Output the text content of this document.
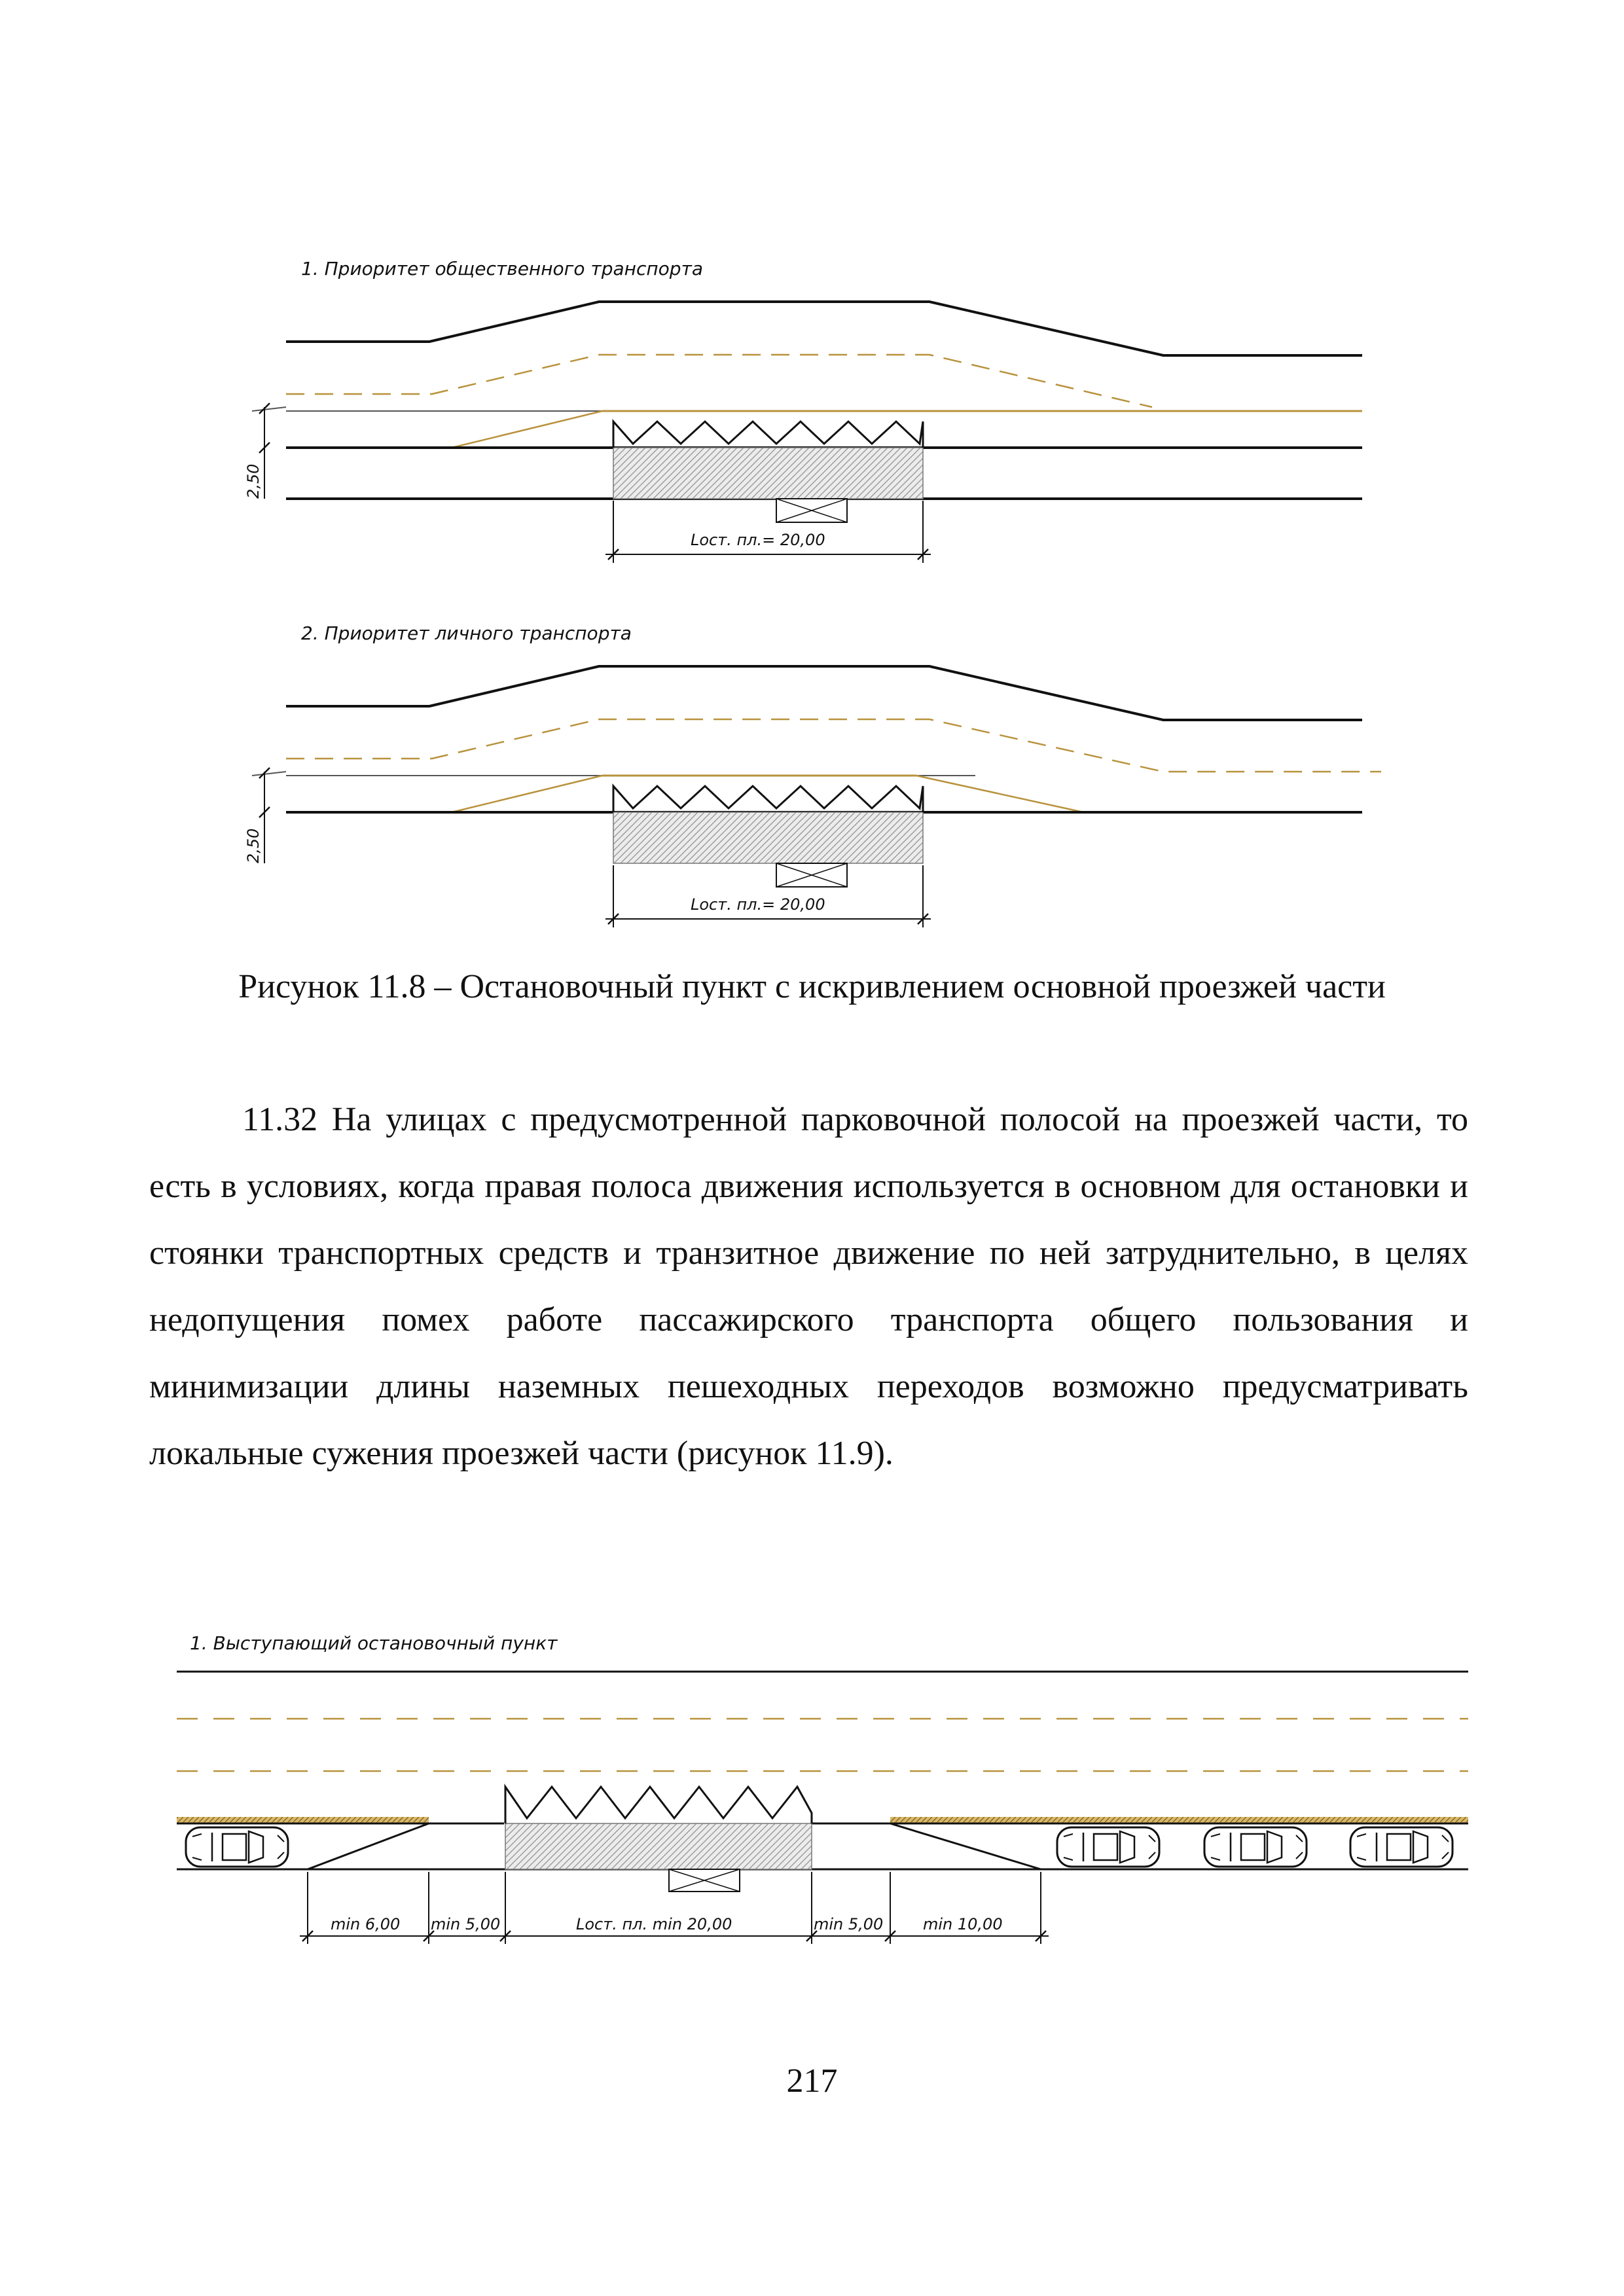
1. Приоритет общественного транспорта
2,50
Lост. пл.= 20,00
2. Приоритет личного транспорта
2,50
Lост. пл.= 20,00
Рисунок 11.8 – Остановочный пункт с искривлением основной проезжей части
11.32 На улицах с предусмотренной парковочной полосой на проезжей части, то есть в условиях, когда правая полоса движения используется в основном для остановки и стоянки транспортных средств и транзитное движение по ней затруднительно, в целях недопущения помех работе пассажирского транспорта общего пользования и минимизации длины наземных пешеходных переходов возможно предусматривать локальные сужения проезжей части (рисунок 11.9).
1. Выступающий остановочный пункт
min 6,00 min 5,00	Lост. пл. min 20,00	min 5,00	min 10,00
217
